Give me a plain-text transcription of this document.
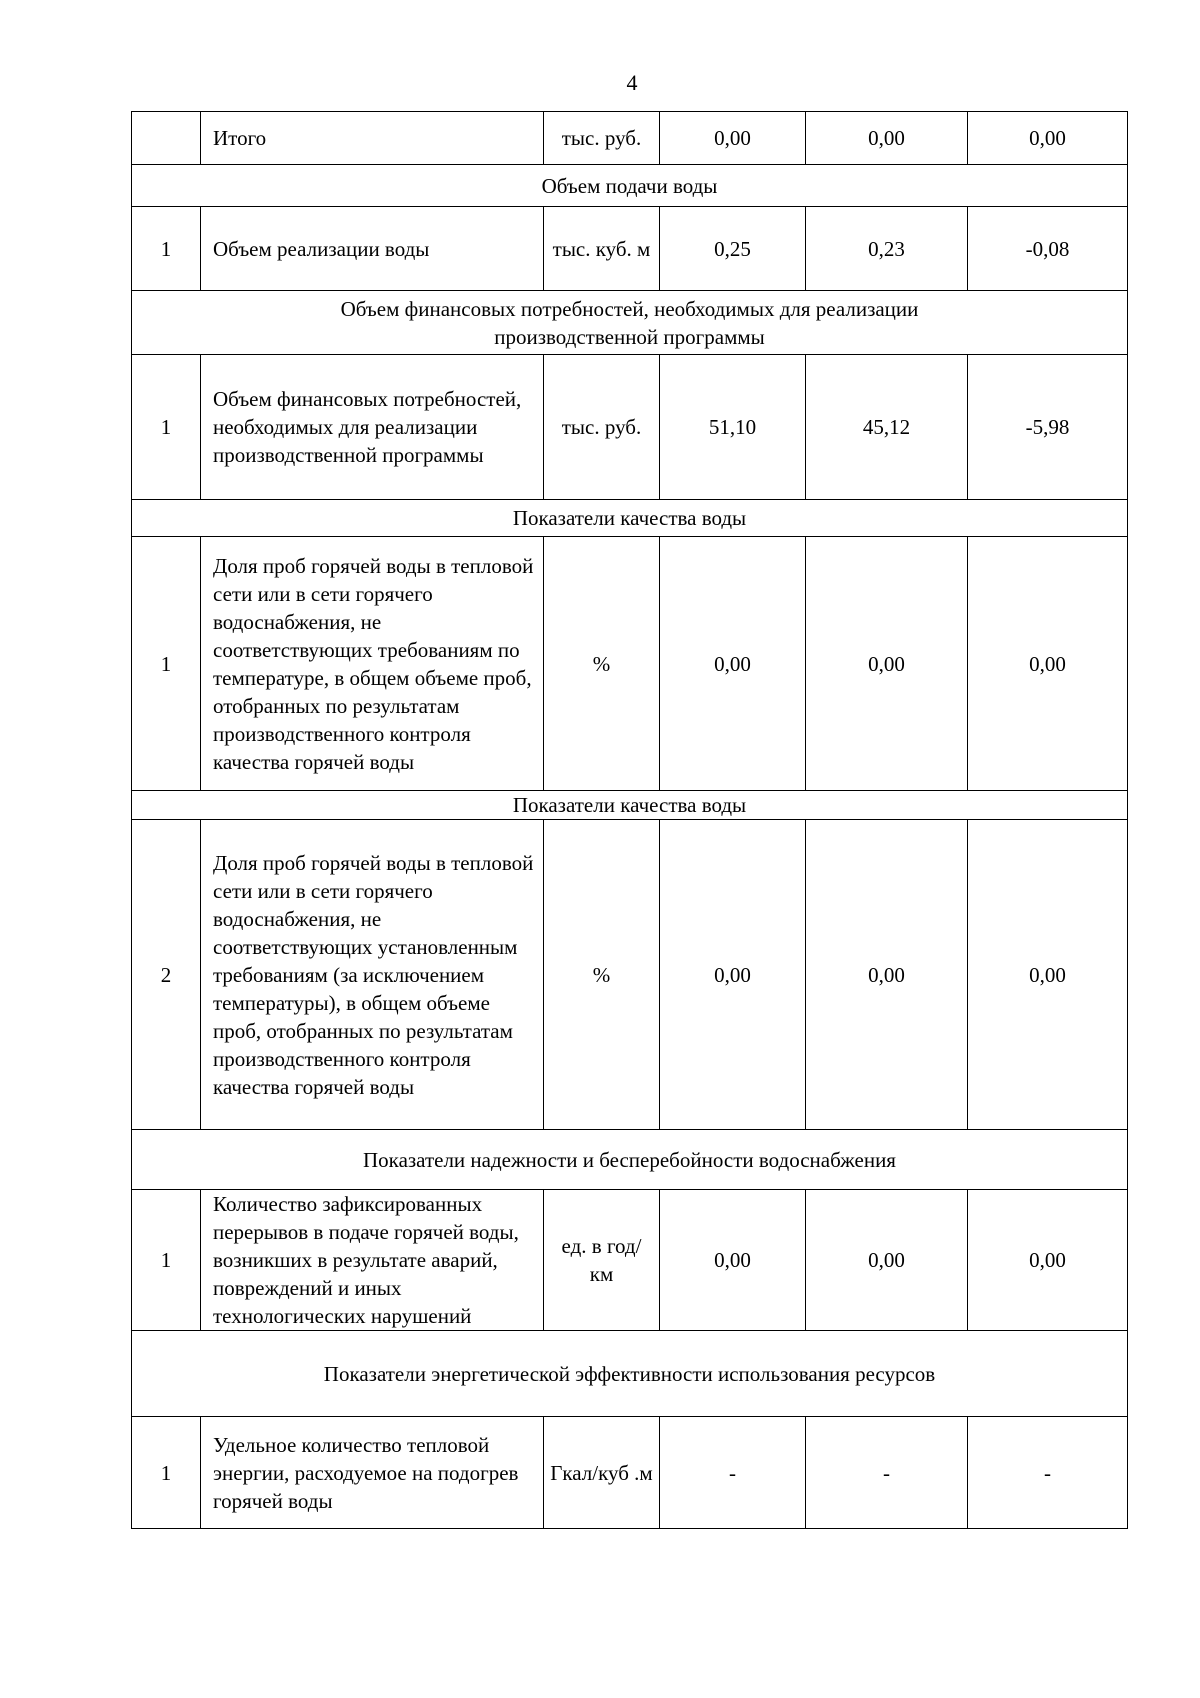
4
	Итого	тыс. руб.	0,00	0,00	0,00
Объем подачи воды					
1	Объем реализации воды	тыс. куб. м	0,25	0,23	-0,08
Объем финансовых потребностей, необходимых для реализации производственной программы					
1	Объем финансовых потребностей, необходимых для реализации производственной программы	тыс. руб.	51,10	45,12	-5,98
Показатели качества воды					
1	Доля проб горячей воды в тепловой сети или в сети горячего водоснабжения, не соответствующих требованиям по температуре, в общем объеме проб, отобранных по результатам производственного контроля качества горячей воды	%	0,00	0,00	0,00
Показатели качества воды					
2	Доля проб горячей воды в тепловой сети или в сети горячего водоснабжения, не соответствующих установленным требованиям (за исключением температуры), в общем объеме проб, отобранных по результатам производственного контроля качества горячей воды	%	0,00	0,00	0,00
Показатели надежности и бесперебойности водоснабжения					
1	Количество зафиксированных перерывов в подаче горячей воды, возникших в результате аварий, повреждений и иных технологических нарушений	ед. в год/ км	0,00	0,00	0,00
Показатели энергетической эффективности использования ресурсов					
1	Удельное количество тепловой энергии, расходуемое на подогрев горячей воды	Гкал/куб .м	-	-	-
